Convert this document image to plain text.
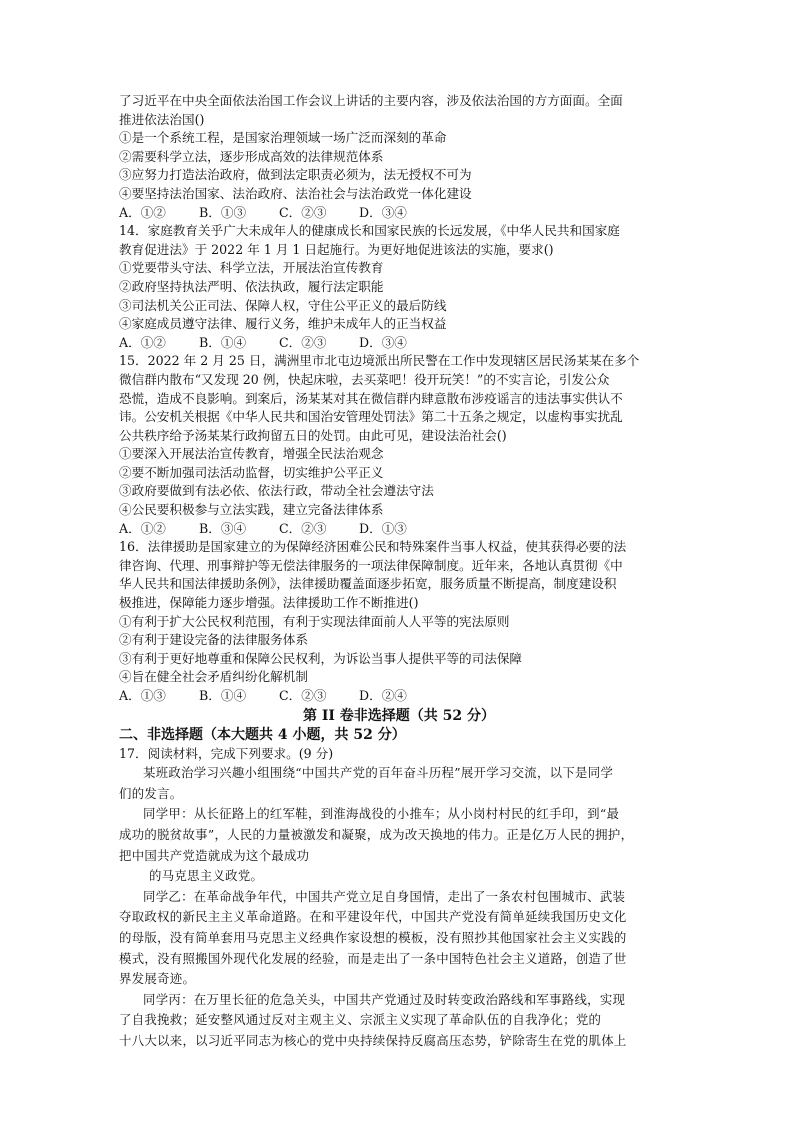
了习近平在中央全面依法治国工作会议上讲话的主要内容，涉及依法治国的方方面面。全面
推进依法治国()
①是一个系统工程，是国家治理领域一场广泛而深刻的革命
②需要科学立法，逐步形成高效的法律规范体系
③应努力打造法治政府，做到法定职责必须为，法无授权不可为
④要坚持法治国家、法治政府、法治社会与法治政党一体化建设
A．①②	B．①③	C．②③	D．③④
14．家庭教育关乎广大未成年人的健康成长和国家民族的长远发展，《中华人民共和国家庭
教育促进法》于 2022 年 1 月 1 日起施行。为更好地促进该法的实施，要求()
①党要带头守法、科学立法，开展法治宣传教育
②政府坚持执法严明、依法执政，履行法定职能
③司法机关公正司法、保障人权，守住公平正义的最后防线
④家庭成员遵守法律、履行义务，维护未成年人的正当权益
A．①②	B．①④	C．②③	D．③④
15．2022 年 2 月 25 日，满洲里市北屯边境派出所民警在工作中发现辖区居民汤某某在多个
微信群内散布“又发现 20 例，快起床啦，去买菜吧！役开玩笑！”的不实言论，引发公众
恐慌，造成不良影响。到案后，汤某某对其在微信群内肆意散布涉疫谣言的违法事实供认不
讳。公安机关根据《中华人民共和国治安管理处罚法》第二十五条之规定，以虚构事实扰乱
公共秩序给予汤某某行政拘留五日的处罚。由此可见，建设法治社会()
①要深入开展法治宣传教育，增强全民法治观念
②要不断加强司法活动监督，切实维护公平正义
③政府要做到有法必依、依法行政，带动全社会遵法守法
④公民要积极参与立法实践，建立完备法律体系
A．①②	B．③④	C．②③	D．①③
16．法律援助是国家建立的为保障经济困难公民和特殊案件当事人权益，使其获得必要的法
律咨询、代理、刑事辩护等无偿法律服务的一项法律保障制度。近年来，各地认真贯彻《中
华人民共和国法律援助条例》，法律援助覆盖面逐步拓宽，服务质量不断提高，制度建设积
极推进，保障能力逐步增强。法律援助工作不断推进()
①有利于扩大公民权利范围，有利于实现法律面前人人平等的宪法原则
②有利于建设完备的法律服务体系
③有利于更好地尊重和保障公民权利，为诉讼当事人提供平等的司法保障
④旨在健全社会矛盾纠纷化解机制
A．①③	B．①④	C．②③	D．②④
第 II 卷非选择题（共 52 分）
二、非选择题（本大题共 4 小题，共 52 分）
17．阅读材料，完成下列要求。(9 分)
某班政治学习兴趣小组围绕“中国共产党的百年奋斗历程”展开学习交流，以下是同学
们的发言。
同学甲：从长征路上的红军鞋，到淮海战役的小推车；从小岗村村民的红手印，到“最
成功的脱贫故事”，人民的力量被激发和凝聚，成为改天换地的伟力。正是亿万人民的拥护，
把中国共产党造就成为这个最成功
的马克思主义政党。
同学乙：在革命战争年代，中国共产党立足自身国情，走出了一条农村包围城市、武装
夺取政权的新民主主义革命道路。在和平建设年代，中国共产党没有简单延续我国历史文化
的母版，没有简单套用马克思主义经典作家设想的模板，没有照抄其他国家社会主义实践的
模式，没有照搬国外现代化发展的经验，而是走出了一条中国特色社会主义道路，创造了世
界发展奇迹。
同学丙：在万里长征的危急关头，中国共产党通过及时转变政治路线和军事路线，实现
了自我挽救；延安整风通过反对主观主义、宗派主义实现了革命队伍的自我净化；党的
十八大以来，以习近平同志为核心的党中央持续保持反腐高压态势，铲除寄生在党的肌体上
